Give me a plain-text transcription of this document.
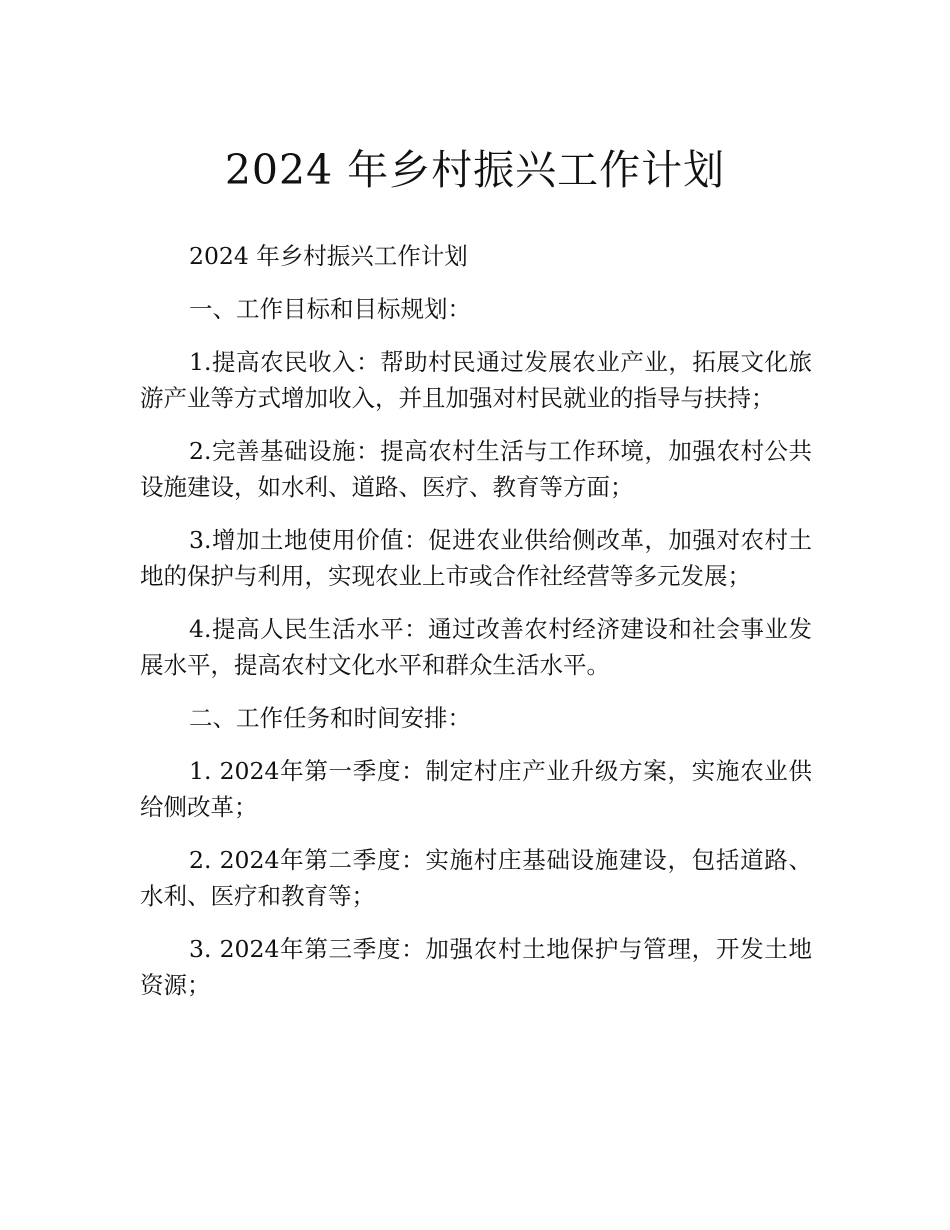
2024 年乡村振兴工作计划

2024 年乡村振兴工作计划

一、工作目标和目标规划：

1.提高农民收入：帮助村民通过发展农业产业，拓展文化旅游产业等方式增加收入，并且加强对村民就业的指导与扶持；

2.完善基础设施：提高农村生活与工作环境，加强农村公共设施建设，如水利、道路、医疗、教育等方面；

3.增加土地使用价值：促进农业供给侧改革，加强对农村土地的保护与利用，实现农业上市或合作社经营等多元发展；

4.提高人民生活水平：通过改善农村经济建设和社会事业发展水平，提高农村文化水平和群众生活水平。

二、工作任务和时间安排：

1. 2024年第一季度：制定村庄产业升级方案，实施农业供给侧改革；

2. 2024年第二季度：实施村庄基础设施建设，包括道路、水利、医疗和教育等；

3. 2024年第三季度：加强农村土地保护与管理，开发土地资源；
